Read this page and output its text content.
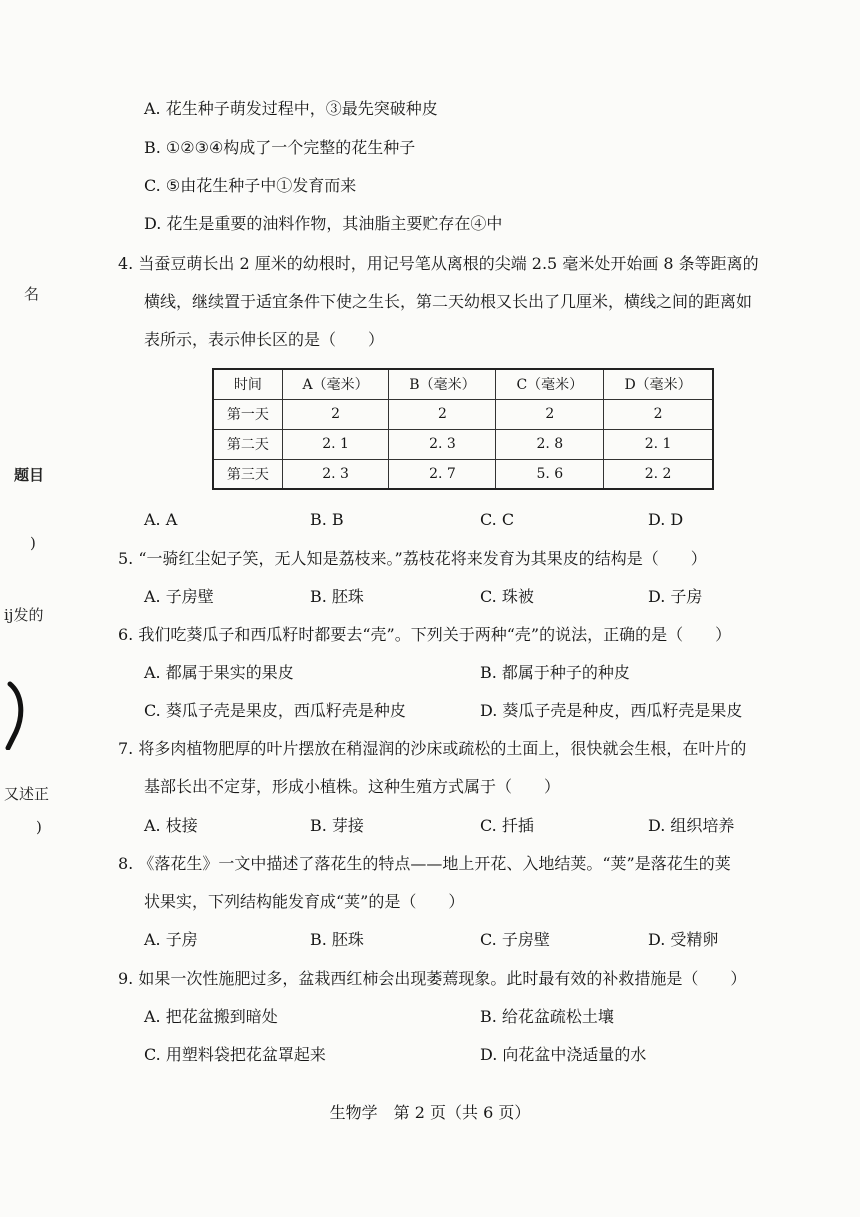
名
题目
)
ij发的
又述正
)
A. 花生种子萌发过程中，③最先突破种皮
B. ①②③④构成了一个完整的花生种子
C. ⑤由花生种子中①发育而来
D. 花生是重要的油料作物，其油脂主要贮存在④中
4. 当蚕豆萌长出 2 厘米的幼根时，用记号笔从离根的尖端 2.5 毫米处开始画 8 条等距离的
横线，继续置于适宜条件下使之生长，第二天幼根又长出了几厘米，横线之间的距离如
表所示，表示伸长区的是（　　）
时间	A（毫米）	B（毫米）	C（毫米）	D（毫米）
第一天	2	2	2	2
第二天	2. 1	2. 3	2. 8	2. 1
第三天	2. 3	2. 7	5. 6	2. 2
A. A	B. B	C. C	D. D
5. “一骑红尘妃子笑，无人知是荔枝来。”荔枝花将来发育为其果皮的结构是（　　）
A. 子房壁	B. 胚珠	C. 珠被	D. 子房
6. 我们吃葵瓜子和西瓜籽时都要去“壳”。下列关于两种“壳”的说法，正确的是（　　）
A. 都属于果实的果皮	B. 都属于种子的种皮
C. 葵瓜子壳是果皮，西瓜籽壳是种皮	D. 葵瓜子壳是种皮，西瓜籽壳是果皮
7. 将多肉植物肥厚的叶片摆放在稍湿润的沙床或疏松的土面上，很快就会生根，在叶片的
基部长出不定芽，形成小植株。这种生殖方式属于（　　）
A. 枝接	B. 芽接	C. 扦插	D. 组织培养
8. 《落花生》一文中描述了落花生的特点——地上开花、入地结荚。“荚”是落花生的荚
状果实，下列结构能发育成“荚”的是（　　）
A. 子房	B. 胚珠	C. 子房壁	D. 受精卵
9. 如果一次性施肥过多，盆栽西红柿会出现萎蔫现象。此时最有效的补救措施是（　　）
A. 把花盆搬到暗处	B. 给花盆疏松土壤
C. 用塑料袋把花盆罩起来	D. 向花盆中浇适量的水
生物学　第 2 页（共 6 页）
